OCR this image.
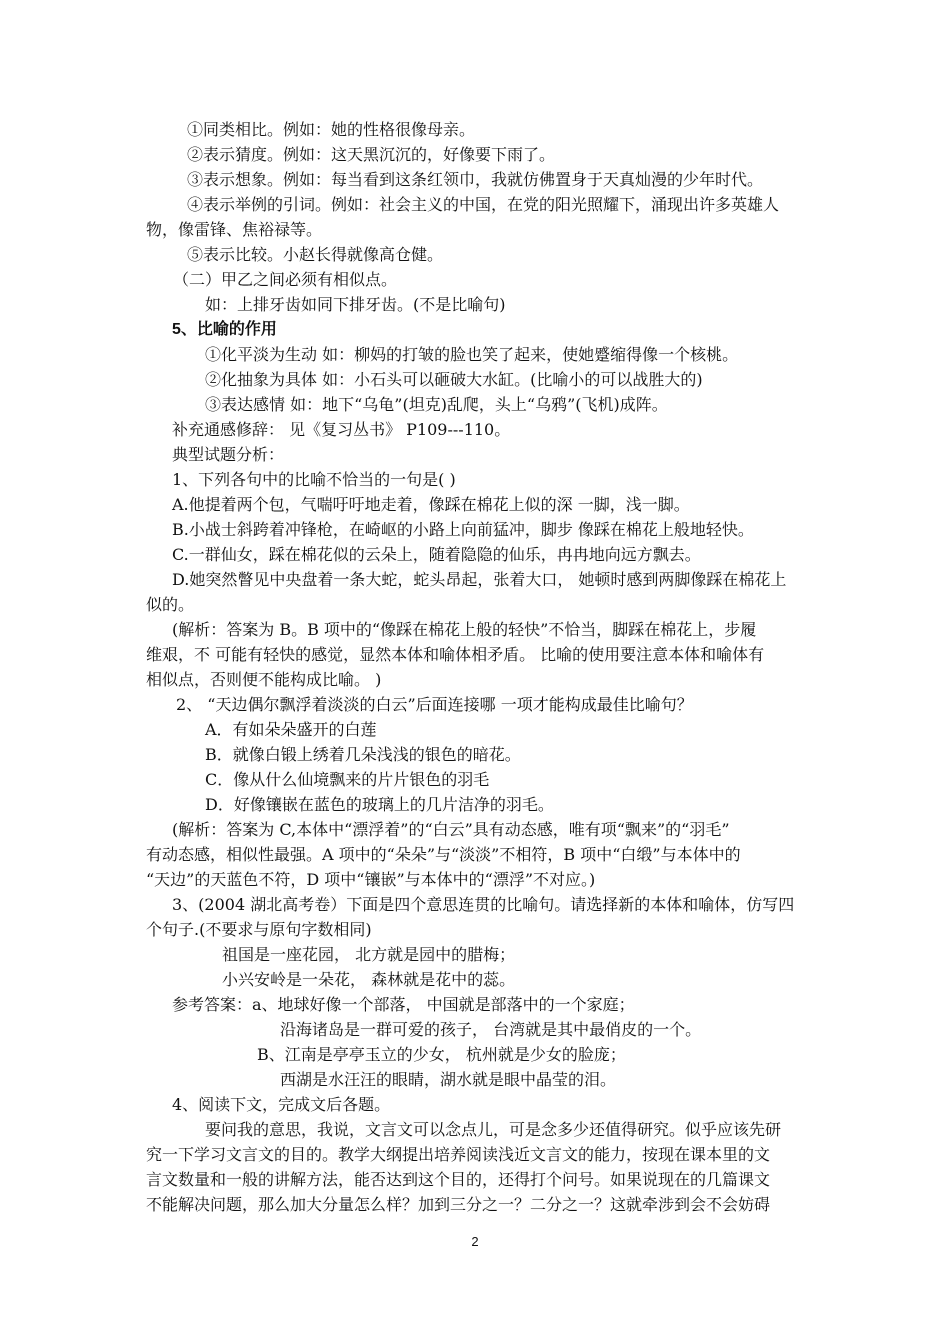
①同类相比。例如：她的性格很像母亲。
②表示猜度。例如：这天黑沉沉的，好像要下雨了。
③表示想象。例如：每当看到这条红领巾，我就仿佛置身于天真灿漫的少年时代。
④表示举例的引词。例如：社会主义的中国，在党的阳光照耀下，涌现出许多英雄人
物，像雷锋、焦裕禄等。
⑤表示比较。小赵长得就像高仓健。
（二）甲乙之间必须有相似点。
如：上排牙齿如同下排牙齿。(不是比喻句)
5、比喻的作用
①化平淡为生动 如：柳妈的打皱的脸也笑了起来，使她蹙缩得像一个核桃。
②化抽象为具体 如：小石头可以砸破大水缸。(比喻小的可以战胜大的)
③表达感情 如：地下“乌龟”(坦克)乱爬，头上“乌鸦”(飞机)成阵。
补充通感修辞： 见《复习丛书》 P109---110。
典型试题分析：
1、下列各句中的比喻不恰当的一句是( )
A.他提着两个包，气喘吁吁地走着，像踩在棉花上似的深 一脚，浅一脚。
B.小战士斜跨着冲锋枪，在崎岖的小路上向前猛冲，脚步 像踩在棉花上般地轻快。
C.一群仙女，踩在棉花似的云朵上，随着隐隐的仙乐，冉冉地向远方飘去。
D.她突然瞥见中央盘着一条大蛇，蛇头昂起，张着大口， 她顿时感到两脚像踩在棉花上
似的。
(解析：答案为 B。B 项中的“像踩在棉花上般的轻快”不恰当，脚踩在棉花上，步履
维艰，不 可能有轻快的感觉，显然本体和喻体相矛盾。 比喻的使用要注意本体和喻体有
相似点，否则便不能构成比喻。 )
2、 “天边偶尔飘浮着淡淡的白云”后面连接哪 一项才能构成最佳比喻句？
A．有如朵朵盛开的白莲
B．就像白锻上绣着几朵浅浅的银色的暗花。
C．像从什么仙境飘来的片片银色的羽毛
D．好像镶嵌在蓝色的玻璃上的几片洁净的羽毛。
(解析：答案为 C,本体中“漂浮着”的“白云”具有动态感，唯有项“飘来”的“羽毛”
有动态感，相似性最强。A 项中的“朵朵”与“淡淡”不相符，B 项中“白缎”与本体中的
“天边”的天蓝色不符，D 项中“镶嵌”与本体中的“漂浮”不对应。)
3、(2004 湖北高考卷）下面是四个意思连贯的比喻句。请选择新的本体和喻体，仿写四
个句子.(不要求与原句字数相同)
祖国是一座花园， 北方就是园中的腊梅；
小兴安岭是一朵花， 森林就是花中的蕊。
参考答案：a、地球好像一个部落， 中国就是部落中的一个家庭；
沿海诸岛是一群可爱的孩子， 台湾就是其中最俏皮的一个。
B、江南是亭亭玉立的少女， 杭州就是少女的脸庞；
西湖是水汪汪的眼睛，湖水就是眼中晶莹的泪。
4、阅读下文，完成文后各题。
要问我的意思，我说，文言文可以念点儿，可是念多少还值得研究。似乎应该先研
究一下学习文言文的目的。教学大纲提出培养阅读浅近文言文的能力，按现在课本里的文
言文数量和一般的讲解方法，能否达到这个目的，还得打个问号。如果说现在的几篇课文
不能解决问题，那么加大分量怎么样？加到三分之一？二分之一？这就牵涉到会不会妨碍
2
